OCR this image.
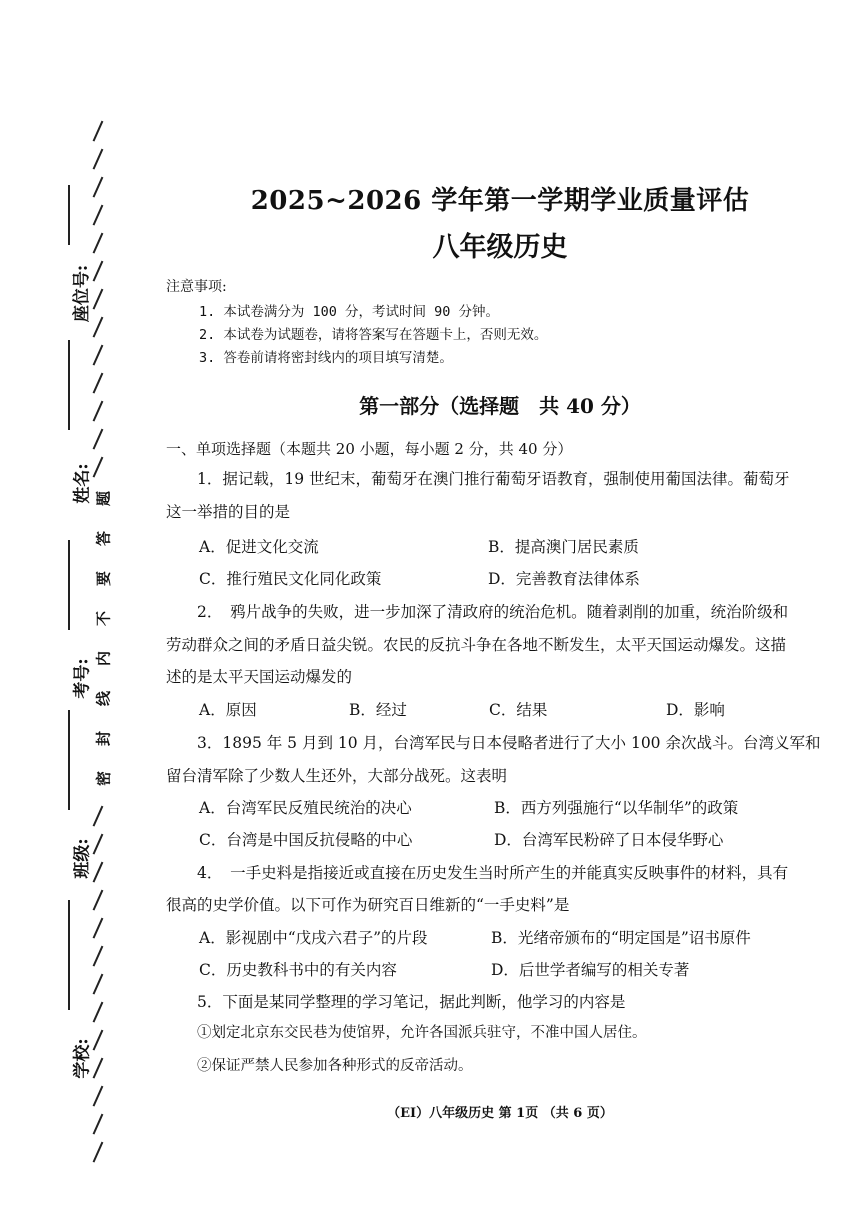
座位号:
姓名:
考号:
班级:
学校:
题
答
要
不
内
线
封
密
2025~2026 学年第一学期学业质量评估
八年级历史
注意事项:
1. 本试卷满分为 100 分，考试时间 90 分钟。
2. 本试卷为试题卷，请将答案写在答题卡上，否则无效。
3. 答卷前请将密封线内的项目填写清楚。
第一部分（选择题　共 40 分）
一、单项选择题（本题共 20 小题，每小题 2 分，共 40 分）
1．据记载，19 世纪末，葡萄牙在澳门推行葡萄牙语教育，强制使用葡国法律。葡萄牙
这一举措的目的是
A．促进文化交流	B．提高澳门居民素质
C．推行殖民文化同化政策	D．完善教育法律体系
2．　鸦片战争的失败，进一步加深了清政府的统治危机。随着剥削的加重，统治阶级和
劳动群众之间的矛盾日益尖锐。农民的反抗斗争在各地不断发生，太平天国运动爆发。这描
述的是太平天国运动爆发的
A．原因	B．经过	C．结果	D．影响
3．1895 年 5 月到 10 月，台湾军民与日本侵略者进行了大小 100 余次战斗。台湾义军和
留台清军除了少数人生还外，大部分战死。这表明
A．台湾军民反殖民统治的决心	B．西方列强施行“以华制华”的政策
C．台湾是中国反抗侵略的中心	D．台湾军民粉碎了日本侵华野心
4．　一手史料是指接近或直接在历史发生当时所产生的并能真实反映事件的材料，具有
很高的史学价值。以下可作为研究百日维新的“一手史料”是
A．影视剧中“戊戌六君子”的片段	B．光绪帝颁布的“明定国是”诏书原件
C．历史教科书中的有关内容	D．后世学者编写的相关专著
5．下面是某同学整理的学习笔记，据此判断，他学习的内容是
①划定北京东交民巷为使馆界，允许各国派兵驻守，不准中国人居住。
②保证严禁人民参加各种形式的反帝活动。
（EI）八年级历史 第 1页 （共 6 页）
